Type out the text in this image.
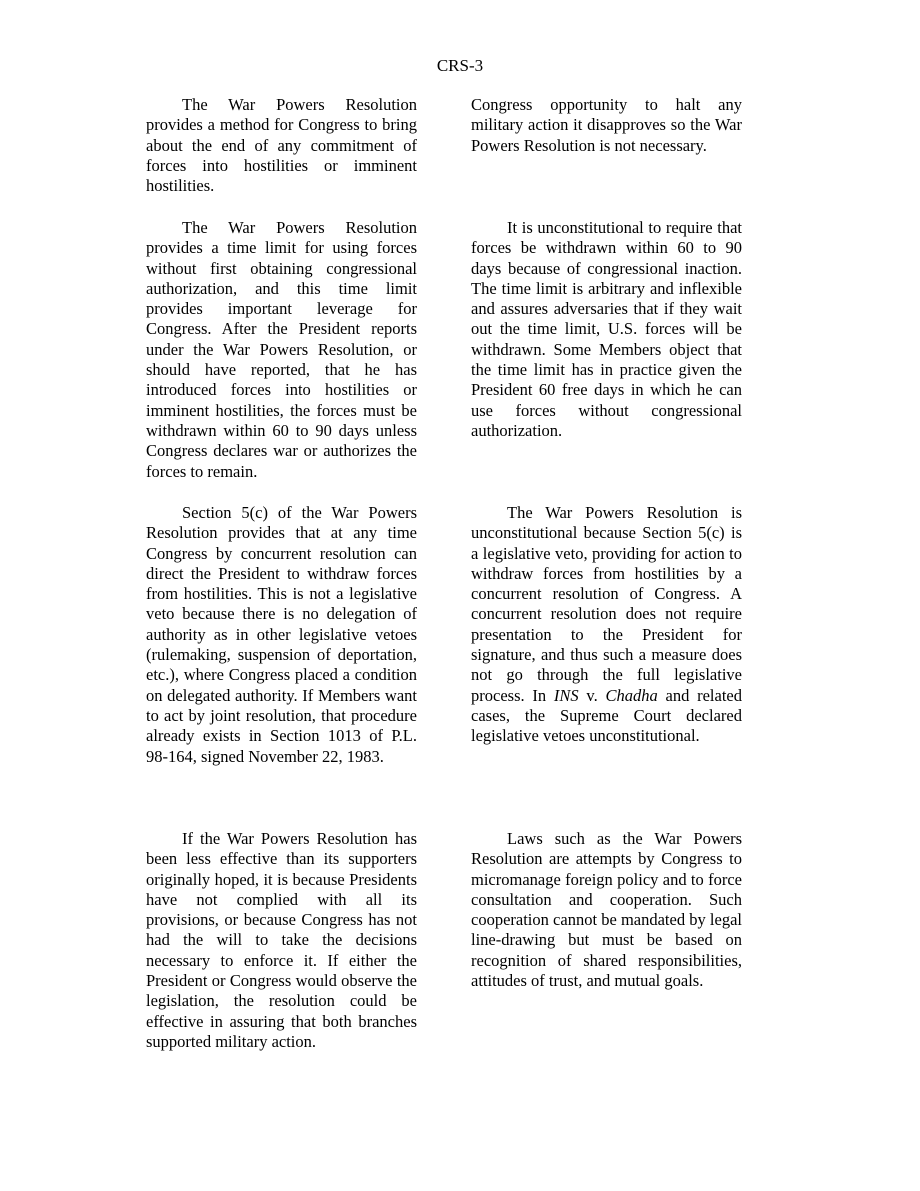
CRS-3

The War Powers Resolution provides a method for Congress to bring about the end of any commitment of forces into hostilities or imminent hostilities.

The War Powers Resolution provides a time limit for using forces without first obtaining congressional authorization, and this time limit provides important leverage for Congress. After the President reports under the War Powers Resolution, or should have reported, that he has introduced forces into hostilities or imminent hostilities, the forces must be withdrawn within 60 to 90 days unless Congress declares war or authorizes the forces to remain.

Section 5(c) of the War Powers Resolution provides that at any time Congress by concurrent resolution can direct the President to withdraw forces from hostilities. This is not a legislative veto because there is no delegation of authority as in other legislative vetoes (rulemaking, suspension of deportation, etc.), where Congress placed a condition on delegated authority. If Members want to act by joint resolution, that procedure already exists in Section 1013 of P.L. 98-164, signed November 22, 1983.

If the War Powers Resolution has been less effective than its supporters originally hoped, it is because Presidents have not complied with all its provisions, or because Congress has not had the will to take the decisions necessary to enforce it. If either the President or Congress would observe the legislation, the resolution could be effective in assuring that both branches supported military action.

Congress opportunity to halt any military action it disapproves so the War Powers Resolution is not necessary.

It is unconstitutional to require that forces be withdrawn within 60 to 90 days because of congressional inaction. The time limit is arbitrary and inflexible and assures adversaries that if they wait out the time limit, U.S. forces will be withdrawn. Some Members object that the time limit has in practice given the President 60 free days in which he can use forces without congressional authorization.

The War Powers Resolution is unconstitutional because Section 5(c) is a legislative veto, providing for action to withdraw forces from hostilities by a concurrent resolution of Congress. A concurrent resolution does not require presentation to the President for signature, and thus such a measure does not go through the full legislative process. In INS v. Chadha and related cases, the Supreme Court declared legislative vetoes unconstitutional.

Laws such as the War Powers Resolution are attempts by Congress to micromanage foreign policy and to force consultation and cooperation. Such cooperation cannot be mandated by legal line-drawing but must be based on recognition of shared responsibilities, attitudes of trust, and mutual goals.
